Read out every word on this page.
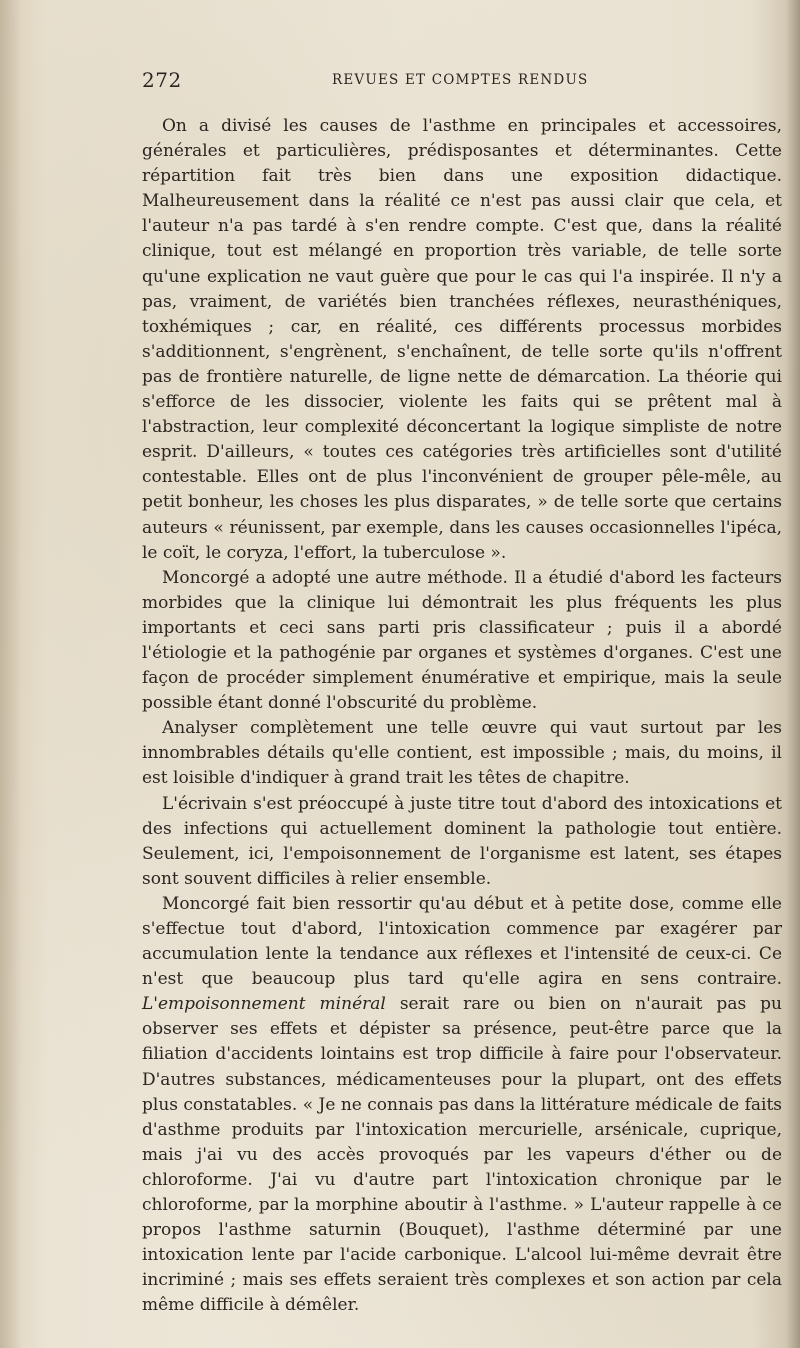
272	REVUES ET COMPTES RENDUS

On a divisé les causes de l'asthme en principales et accessoires, générales et particulières, prédisposantes et déterminantes. Cette répartition fait très bien dans une exposition didactique. Malheureusement dans la réalité ce n'est pas aussi clair que cela, et l'auteur n'a pas tardé à s'en rendre compte. C'est que, dans la réalité clinique, tout est mélangé en proportion très variable, de telle sorte qu'une explication ne vaut guère que pour le cas qui l'a inspirée. Il n'y a pas, vraiment, de variétés bien tranchées réflexes, neurasthéniques, toxhémiques ; car, en réalité, ces différents processus morbides s'additionnent, s'engrènent, s'enchaînent, de telle sorte qu'ils n'offrent pas de frontière naturelle, de ligne nette de démarcation. La théorie qui s'efforce de les dissocier, violente les faits qui se prêtent mal à l'abstraction, leur complexité déconcertant la logique simpliste de notre esprit. D'ailleurs, « toutes ces catégories très artificielles sont d'utilité contestable. Elles ont de plus l'inconvénient de grouper pêle-mêle, au petit bonheur, les choses les plus disparates, » de telle sorte que certains auteurs « réunissent, par exemple, dans les causes occasionnelles l'ipéca, le coït, le coryza, l'effort, la tuberculose ».

Moncorgé a adopté une autre méthode. Il a étudié d'abord les facteurs morbides que la clinique lui démontrait les plus fréquents les plus importants et ceci sans parti pris classificateur ; puis il a abordé l'étiologie et la pathogénie par organes et systèmes d'organes. C'est une façon de procéder simplement énumérative et empirique, mais la seule possible étant donné l'obscurité du problème.

Analyser complètement une telle œuvre qui vaut surtout par les innombrables détails qu'elle contient, est impossible ; mais, du moins, il est loisible d'indiquer à grand trait les têtes de chapitre.

L'écrivain s'est préoccupé à juste titre tout d'abord des intoxications et des infections qui actuellement dominent la pathologie tout entière. Seulement, ici, l'empoisonnement de l'organisme est latent, ses étapes sont souvent difficiles à relier ensemble.

Moncorgé fait bien ressortir qu'au début et à petite dose, comme elle s'effectue tout d'abord, l'intoxication commence par exagérer par accumulation lente la tendance aux réflexes et l'intensité de ceux-ci. Ce n'est que beaucoup plus tard qu'elle agira en sens contraire. L'empoisonnement minéral serait rare ou bien on n'aurait pas pu observer ses effets et dépister sa présence, peut-être parce que la filiation d'accidents lointains est trop difficile à faire pour l'observateur. D'autres substances, médicamenteuses pour la plupart, ont des effets plus constatables. « Je ne connais pas dans la littérature médicale de faits d'asthme produits par l'intoxication mercurielle, arsénicale, cuprique, mais j'ai vu des accès provoqués par les vapeurs d'éther ou de chloroforme. J'ai vu d'autre part l'intoxication chronique par le chloroforme, par la morphine aboutir à l'asthme. » L'auteur rappelle à ce propos l'asthme saturnin (Bouquet), l'asthme déterminé par une intoxication lente par l'acide carbonique. L'alcool lui-même devrait être incriminé ; mais ses effets seraient très complexes et son action par cela même difficile à démêler.
